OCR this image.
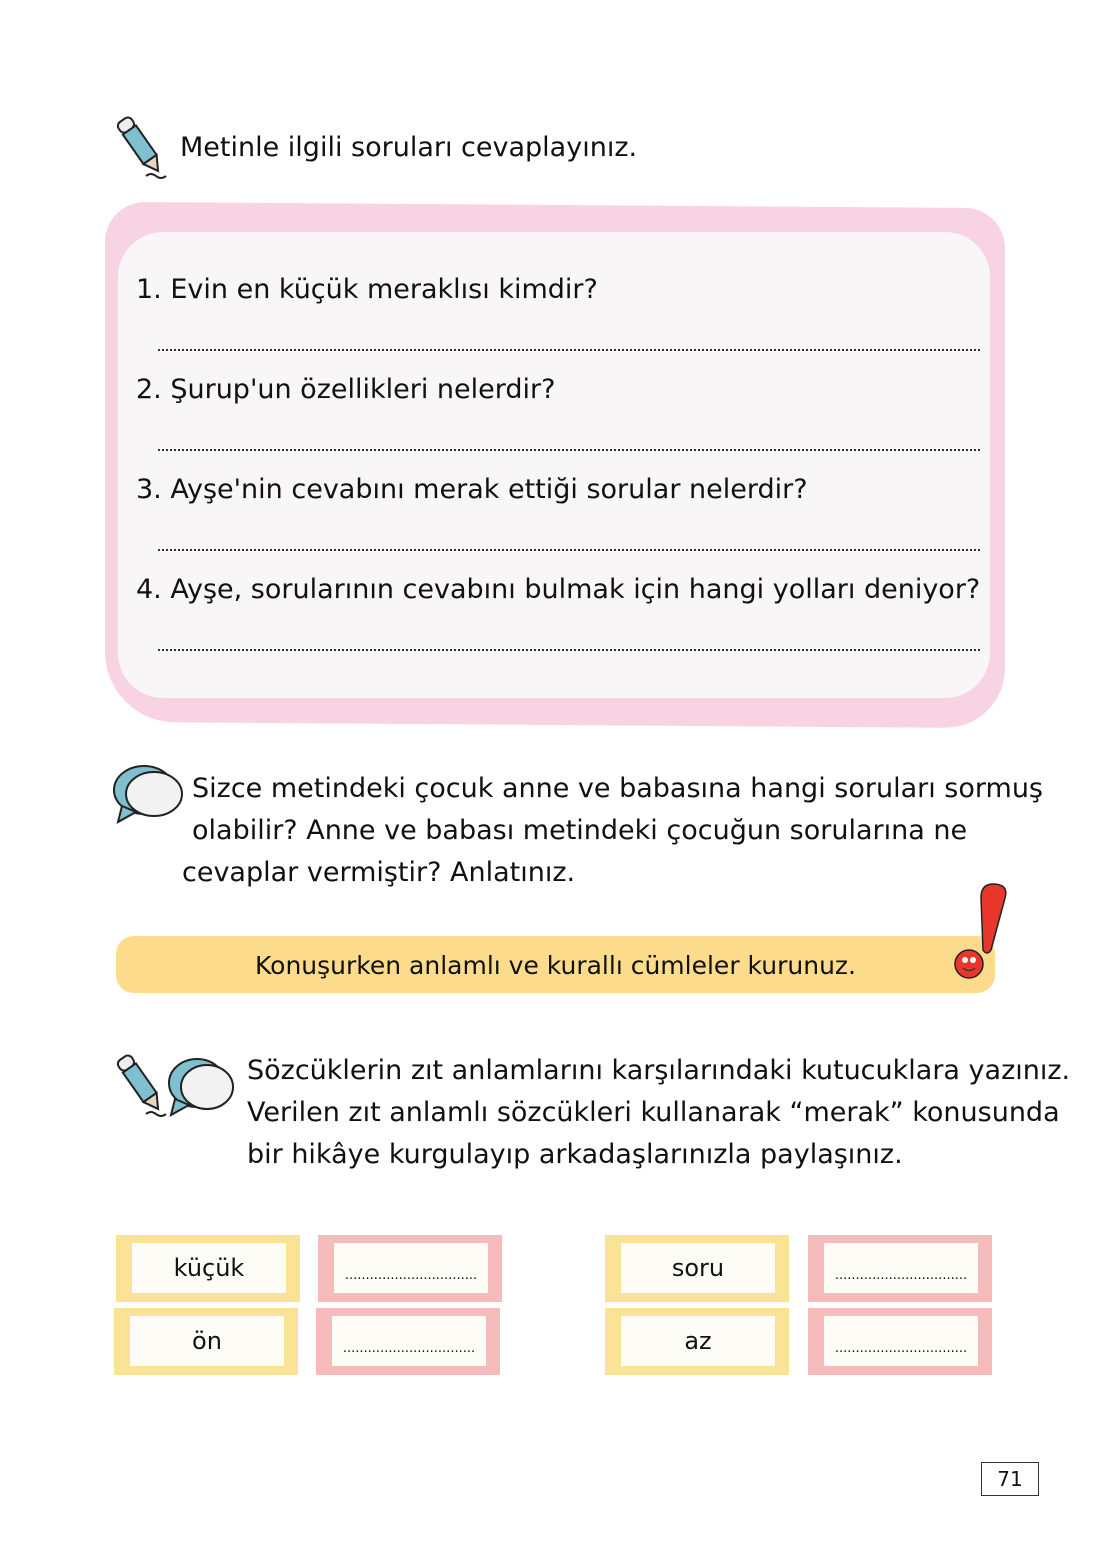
Metinle ilgili soruları cevaplayınız.
1. Evin en küçük meraklısı kimdir?
2. Şurup'un özellikleri nelerdir?
3. Ayşe'nin cevabını merak ettiği sorular nelerdir?
4. Ayşe, sorularının cevabını bulmak için hangi yolları deniyor?
Sizce metindeki çocuk anne ve babasına hangi soruları sormuş
olabilir? Anne ve babası metindeki çocuğun sorularına ne
cevaplar vermiştir? Anlatınız.
Konuşurken anlamlı ve kurallı cümleler kurunuz.
Sözcüklerin zıt anlamlarını karşılarındaki kutucuklara yazınız.
Verilen zıt anlamlı sözcükleri kullanarak “merak” konusunda
bir hikâye kurgulayıp arkadaşlarınızla paylaşınız.
küçük	................................
ön	................................
soru	................................
az	................................
71
